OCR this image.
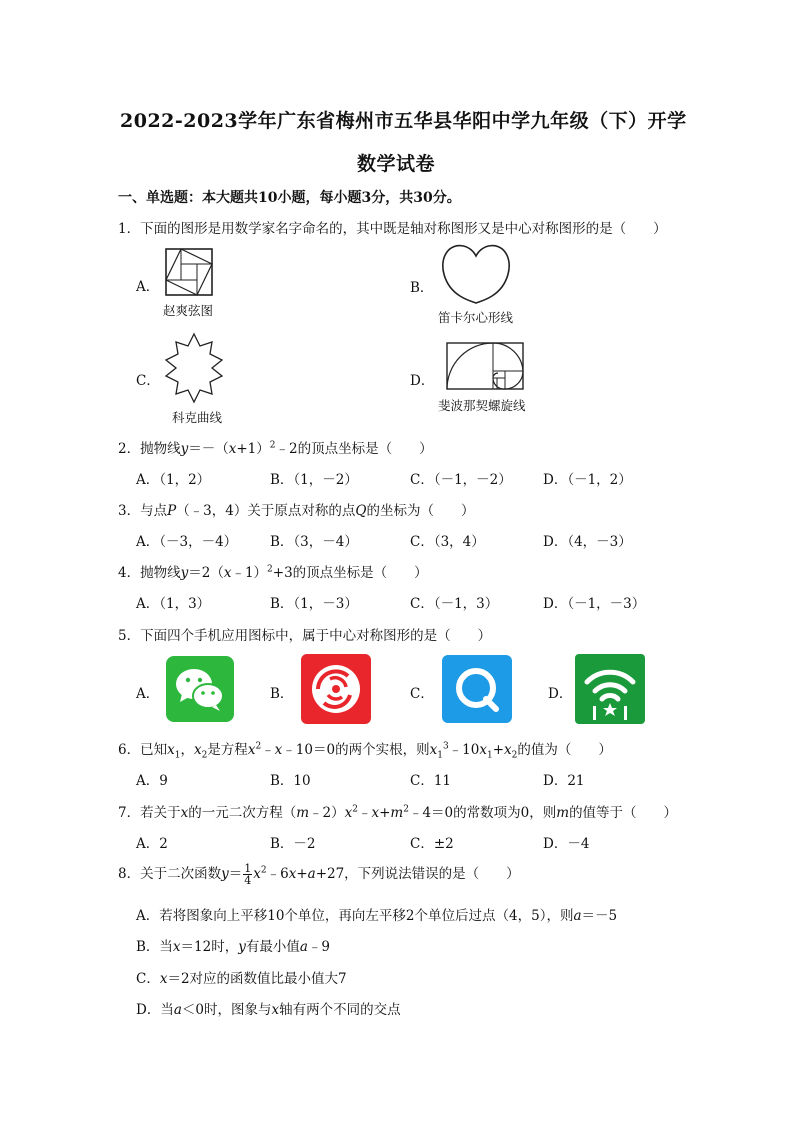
2022-2023学年广东省梅州市五华县华阳中学九年级（下）开学
数学试卷
一、单选题：本大题共10小题，每小题3分，共30分。
1．下面的图形是用数学家名字命名的，其中既是轴对称图形又是中心对称图形的是（　　）
A．
赵爽弦图
B．
笛卡尔心形线
C．
科克曲线
D．
斐波那契螺旋线
2．抛物线$y=-(x+1)^2﹣2$的顶点坐标是（　　）
A．（1，2）	B．（1，－2）	C．（－1，－2） D．（－1，2）
3．与点P（﹣3，4）关于原点对称的点Q的坐标为（　　）
A．（－3，－4） B．（3，－4）	C．（3，4）	D．（4，－3）
4．抛物线y＝2（x﹣1）$^2$+3的顶点坐标是（　　）
A．（1，3）	B．（1，－3）	C．（－1，3）	D．（－1，－3）
5．下面四个手机应用图标中，属于中心对称图形的是（　　）
A．	B．	C．	D．
6．已知$x_1$，$x_2$是方程$x^2﹣x﹣10=0$的两个实根，则$x_1^3﹣10x_1+x_2$的值为（　　）
A．9	B．10	C．11	D．21
7．若关于x的一元二次方程$(m﹣2)x^2﹣x+m^2﹣4=0$的常数项为0，则m的值等于（　　）
A．2	B．－2	C．±2	D．－4
8．关于二次函数$y= \frac{1}{4}$ $x^2﹣6x+a+27$，下列说法错误的是（　　）
A．若将图象向上平移10个单位，再向左平移2个单位后过点（4，5），则a＝－5
B．当x＝12时，y有最小值a﹣9
C．x＝2对应的函数值比最小值大7
D．当a＜0时，图象与x轴有两个不同的交点
